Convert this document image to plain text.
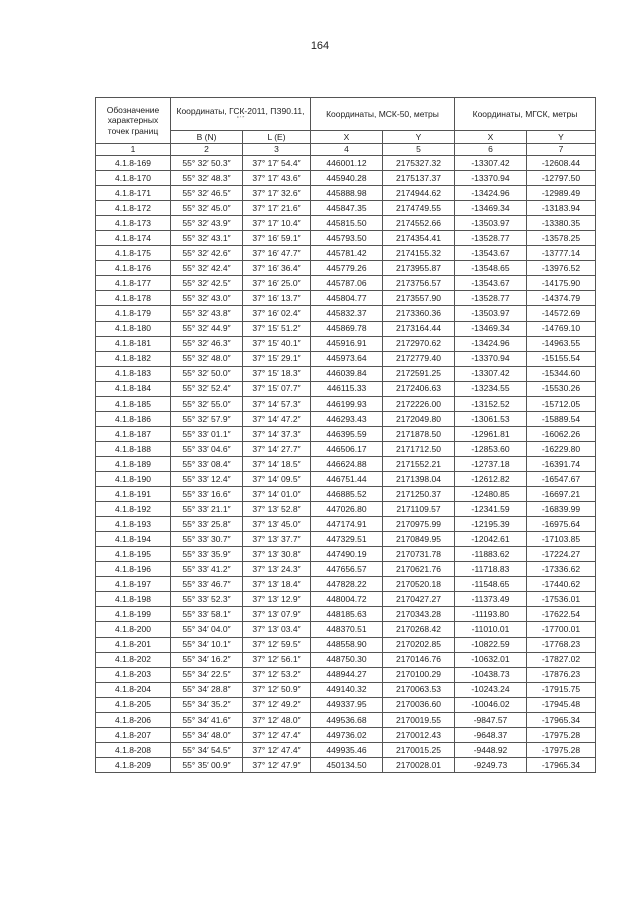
164
Обозначение характерных точек границ	Координаты, ГСК-2011, ПЗ90.11,
° ′ ″		Координаты, МСК-50, метры		Координаты, МГСК, метры	
	B (N)	L (E)	X	Y	X	Y
1	2	3	4	5	6	7
4.1.8-169	55° 32′ 50.3″	37° 17′ 54.4″	446001.12	2175327.32	-13307.42	-12608.44
4.1.8-170	55° 32′ 48.3″	37° 17′ 43.6″	445940.28	2175137.37	-13370.94	-12797.50
4.1.8-171	55° 32′ 46.5″	37° 17′ 32.6″	445888.98	2174944.62	-13424.96	-12989.49
4.1.8-172	55° 32′ 45.0″	37° 17′ 21.6″	445847.35	2174749.55	-13469.34	-13183.94
4.1.8-173	55° 32′ 43.9″	37° 17′ 10.4″	445815.50	2174552.66	-13503.97	-13380.35
4.1.8-174	55° 32′ 43.1″	37° 16′ 59.1″	445793.50	2174354.41	-13528.77	-13578.25
4.1.8-175	55° 32′ 42.6″	37° 16′ 47.7″	445781.42	2174155.32	-13543.67	-13777.14
4.1.8-176	55° 32′ 42.4″	37° 16′ 36.4″	445779.26	2173955.87	-13548.65	-13976.52
4.1.8-177	55° 32′ 42.5″	37° 16′ 25.0″	445787.06	2173756.57	-13543.67	-14175.90
4.1.8-178	55° 32′ 43.0″	37° 16′ 13.7″	445804.77	2173557.90	-13528.77	-14374.79
4.1.8-179	55° 32′ 43.8″	37° 16′ 02.4″	445832.37	2173360.36	-13503.97	-14572.69
4.1.8-180	55° 32′ 44.9″	37° 15′ 51.2″	445869.78	2173164.44	-13469.34	-14769.10
4.1.8-181	55° 32′ 46.3″	37° 15′ 40.1″	445916.91	2172970.62	-13424.96	-14963.55
4.1.8-182	55° 32′ 48.0″	37° 15′ 29.1″	445973.64	2172779.40	-13370.94	-15155.54
4.1.8-183	55° 32′ 50.0″	37° 15′ 18.3″	446039.84	2172591.25	-13307.42	-15344.60
4.1.8-184	55° 32′ 52.4″	37° 15′ 07.7″	446115.33	2172406.63	-13234.55	-15530.26
4.1.8-185	55° 32′ 55.0″	37° 14′ 57.3″	446199.93	2172226.00	-13152.52	-15712.05
4.1.8-186	55° 32′ 57.9″	37° 14′ 47.2″	446293.43	2172049.80	-13061.53	-15889.54
4.1.8-187	55° 33′ 01.1″	37° 14′ 37.3″	446395.59	2171878.50	-12961.81	-16062.26
4.1.8-188	55° 33′ 04.6″	37° 14′ 27.7″	446506.17	2171712.50	-12853.60	-16229.80
4.1.8-189	55° 33′ 08.4″	37° 14′ 18.5″	446624.88	2171552.21	-12737.18	-16391.74
4.1.8-190	55° 33′ 12.4″	37° 14′ 09.5″	446751.44	2171398.04	-12612.82	-16547.67
4.1.8-191	55° 33′ 16.6″	37° 14′ 01.0″	446885.52	2171250.37	-12480.85	-16697.21
4.1.8-192	55° 33′ 21.1″	37° 13′ 52.8″	447026.80	2171109.57	-12341.59	-16839.99
4.1.8-193	55° 33′ 25.8″	37° 13′ 45.0″	447174.91	2170975.99	-12195.39	-16975.64
4.1.8-194	55° 33′ 30.7″	37° 13′ 37.7″	447329.51	2170849.95	-12042.61	-17103.85
4.1.8-195	55° 33′ 35.9″	37° 13′ 30.8″	447490.19	2170731.78	-11883.62	-17224.27
4.1.8-196	55° 33′ 41.2″	37° 13′ 24.3″	447656.57	2170621.76	-11718.83	-17336.62
4.1.8-197	55° 33′ 46.7″	37° 13′ 18.4″	447828.22	2170520.18	-11548.65	-17440.62
4.1.8-198	55° 33′ 52.3″	37° 13′ 12.9″	448004.72	2170427.27	-11373.49	-17536.01
4.1.8-199	55° 33′ 58.1″	37° 13′ 07.9″	448185.63	2170343.28	-11193.80	-17622.54
4.1.8-200	55° 34′ 04.0″	37° 13′ 03.4″	448370.51	2170268.42	-11010.01	-17700.01
4.1.8-201	55° 34′ 10.1″	37° 12′ 59.5″	448558.90	2170202.85	-10822.59	-17768.23
4.1.8-202	55° 34′ 16.2″	37° 12′ 56.1″	448750.30	2170146.76	-10632.01	-17827.02
4.1.8-203	55° 34′ 22.5″	37° 12′ 53.2″	448944.27	2170100.29	-10438.73	-17876.23
4.1.8-204	55° 34′ 28.8″	37° 12′ 50.9″	449140.32	2170063.53	-10243.24	-17915.75
4.1.8-205	55° 34′ 35.2″	37° 12′ 49.2″	449337.95	2170036.60	-10046.02	-17945.48
4.1.8-206	55° 34′ 41.6″	37° 12′ 48.0″	449536.68	2170019.55	-9847.57	-17965.34
4.1.8-207	55° 34′ 48.0″	37° 12′ 47.4″	449736.02	2170012.43	-9648.37	-17975.28
4.1.8-208	55° 34′ 54.5″	37° 12′ 47.4″	449935.46	2170015.25	-9448.92	-17975.28
4.1.8-209	55° 35′ 00.9″	37° 12′ 47.9″	450134.50	2170028.01	-9249.73	-17965.34
